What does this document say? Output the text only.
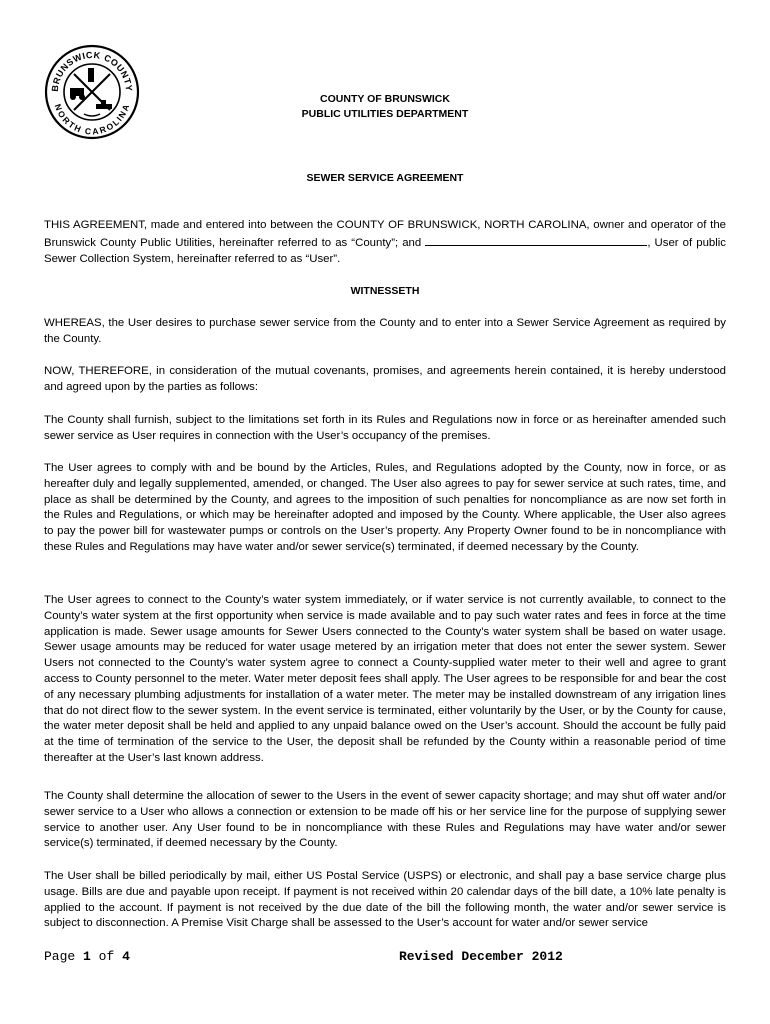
BRUNSWICK COUNTY
NORTH CAROLINA
COUNTY OF BRUNSWICK
PUBLIC UTILITIES DEPARTMENT
SEWER SERVICE AGREEMENT
THIS AGREEMENT, made and entered into between the COUNTY OF BRUNSWICK, NORTH CAROLINA, owner and operator of the Brunswick County Public Utilities, hereinafter referred to as “County”; and	, User of public Sewer Collection System, hereinafter referred to as “User”.
WITNESSETH
WHEREAS, the User desires to purchase sewer service from the County and to enter into a Sewer Service Agreement as required by the County.
NOW, THEREFORE, in consideration of the mutual covenants, promises, and agreements herein contained, it is hereby understood and agreed upon by the parties as follows:
The County shall furnish, subject to the limitations set forth in its Rules and Regulations now in force or as hereinafter amended such sewer service as User requires in connection with the User’s occupancy of the premises.
The User agrees to comply with and be bound by the Articles, Rules, and Regulations adopted by the County, now in force, or as hereafter duly and legally supplemented, amended, or changed. The User also agrees to pay for sewer service at such rates, time, and place as shall be determined by the County, and agrees to the imposition of such penalties for noncompliance as are now set forth in the Rules and Regulations, or which may be hereinafter adopted and imposed by the County. Where applicable, the User also agrees to pay the power bill for wastewater pumps or controls on the User’s property. Any Property Owner found to be in noncompliance with these Rules and Regulations may have water and/or sewer service(s) terminated, if deemed necessary by the County.
The User agrees to connect to the County’s water system immediately, or if water service is not currently available, to connect to the County’s water system at the first opportunity when service is made available and to pay such water rates and fees in force at the time application is made. Sewer usage amounts for Sewer Users connected to the County’s water system shall be based on water usage. Sewer usage amounts may be reduced for water usage metered by an irrigation meter that does not enter the sewer system. Sewer Users not connected to the County’s water system agree to connect a County-supplied water meter to their well and agree to grant access to County personnel to the meter. Water meter deposit fees shall apply. The User agrees to be responsible for and bear the cost of any necessary plumbing adjustments for installation of a water meter. The meter may be installed downstream of any irrigation lines that do not direct flow to the sewer system. In the event service is terminated, either voluntarily by the User, or by the County for cause, the water meter deposit shall be held and applied to any unpaid balance owed on the User’s account. Should the account be fully paid at the time of termination of the service to the User, the deposit shall be refunded by the County within a reasonable period of time thereafter at the User’s last known address.
The County shall determine the allocation of sewer to the Users in the event of sewer capacity shortage; and may shut off water and/or sewer service to a User who allows a connection or extension to be made off his or her service line for the purpose of supplying sewer service to another user. Any User found to be in noncompliance with these Rules and Regulations may have water and/or sewer service(s) terminated, if deemed necessary by the County.
The User shall be billed periodically by mail, either US Postal Service (USPS) or electronic, and shall pay a base service charge plus usage. Bills are due and payable upon receipt. If payment is not received within 20 calendar days of the bill date, a 10% late penalty is applied to the account. If payment is not received by the due date of the bill the following month, the water and/or sewer service is subject to disconnection. A Premise Visit Charge shall be assessed to the User’s account for water and/or sewer service
Page 1 of 4	Revised December 2012
